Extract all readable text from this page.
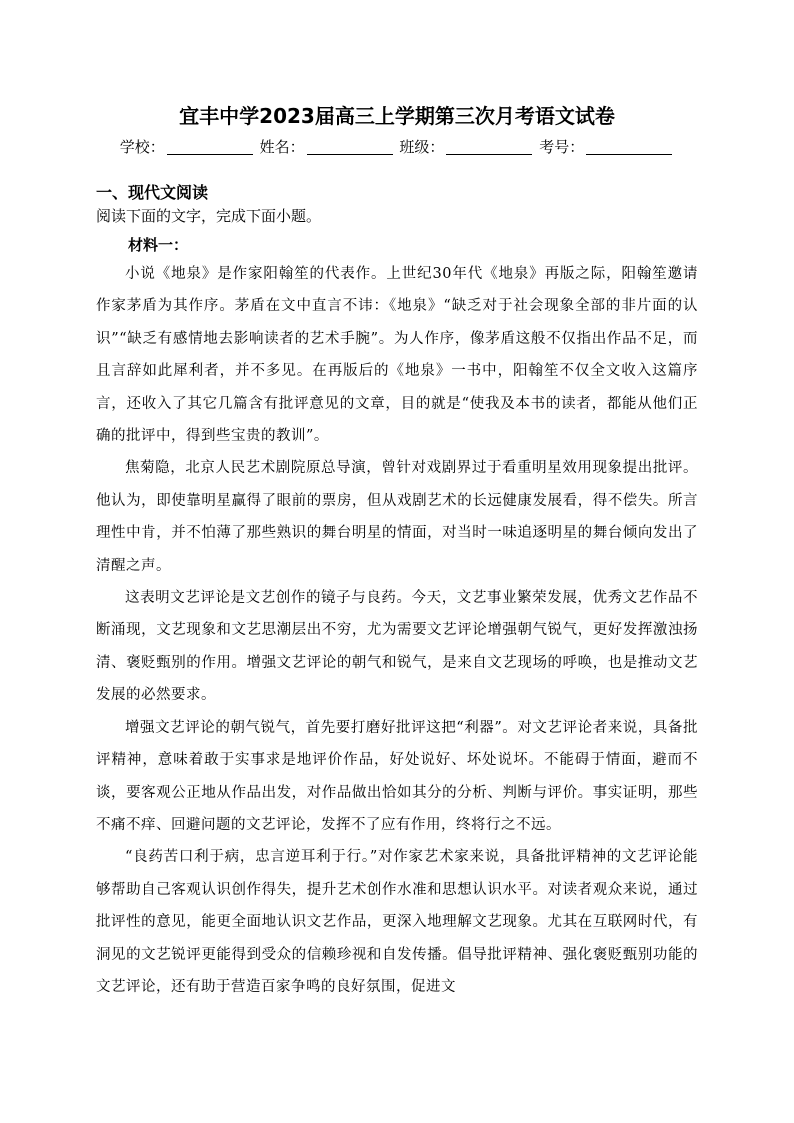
宜丰中学2023届高三上学期第三次月考语文试卷
学校：	姓名：	班级：	考号：
一、现代文阅读
阅读下面的文字，完成下面小题。
材料一：

小说《地泉》是作家阳翰笙的代表作。上世纪30年代《地泉》再版之际，阳翰笙邀请作家茅盾为其作序。茅盾在文中直言不讳：《地泉》“缺乏对于社会现象全部的非片面的认识”“缺乏有感情地去影响读者的艺术手腕”。为人作序，像茅盾这般不仅指出作品不足，而且言辞如此犀利者，并不多见。在再版后的《地泉》一书中，阳翰笙不仅全文收入这篇序言，还收入了其它几篇含有批评意见的文章，目的就是“使我及本书的读者，都能从他们正确的批评中，得到些宝贵的教训”。

焦菊隐，北京人民艺术剧院原总导演，曾针对戏剧界过于看重明星效用现象提出批评。他认为，即使靠明星赢得了眼前的票房，但从戏剧艺术的长远健康发展看，得不偿失。所言理性中肯，并不怕薄了那些熟识的舞台明星的情面，对当时一味追逐明星的舞台倾向发出了清醒之声。

这表明文艺评论是文艺创作的镜子与良药。今天，文艺事业繁荣发展，优秀文艺作品不断涌现，文艺现象和文艺思潮层出不穷，尤为需要文艺评论增强朝气锐气，更好发挥激浊扬清、褒贬甄别的作用。增强文艺评论的朝气和锐气，是来自文艺现场的呼唤，也是推动文艺发展的必然要求。

增强文艺评论的朝气锐气，首先要打磨好批评这把“利器”。对文艺评论者来说，具备批评精神，意味着敢于实事求是地评价作品，好处说好、坏处说坏。不能碍于情面，避而不谈，要客观公正地从作品出发，对作品做出恰如其分的分析、判断与评价。事实证明，那些不痛不痒、回避问题的文艺评论，发挥不了应有作用，终将行之不远。

“良药苦口利于病，忠言逆耳利于行。”对作家艺术家来说，具备批评精神的文艺评论能够帮助自己客观认识创作得失，提升艺术创作水准和思想认识水平。对读者观众来说，通过批评性的意见，能更全面地认识文艺作品，更深入地理解文艺现象。尤其在互联网时代，有洞见的文艺锐评更能得到受众的信赖珍视和自发传播。倡导批评精神、强化褒贬甄别功能的文艺评论，还有助于营造百家争鸣的良好氛围，促进文
